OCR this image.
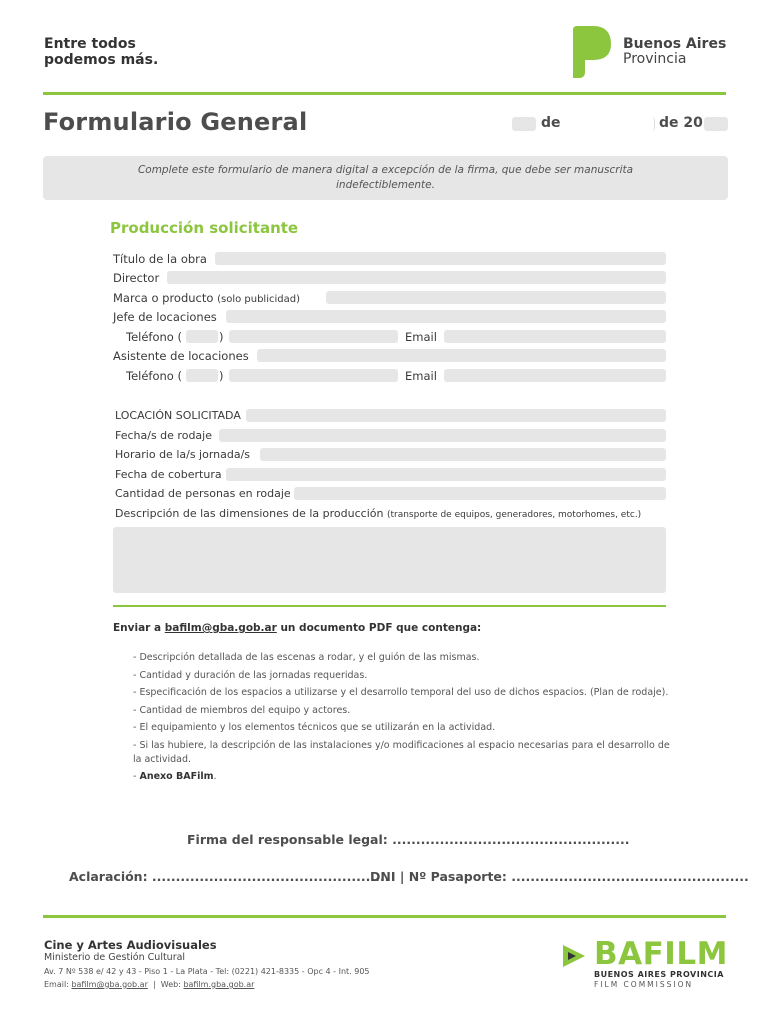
Entre todos
podemos más.
Buenos Aires
Provincia
Formulario General	de	de 20
Complete este formulario de manera digital a excepción de la firma, que debe ser manuscrita indefectiblemente.
Producción solicitante
Título de la obra
Director
Marca o producto (solo publicidad)
Jefe de locaciones
Teléfono (	)	Email
Asistente de locaciones
Teléfono (	)	Email
LOCACIÓN SOLICITADA
Fecha/s de rodaje
Horario de la/s jornada/s
Fecha de cobertura
Cantidad de personas en rodaje
Descripción de las dimensiones de la producción (transporte de equipos, generadores, motorhomes, etc.)
Enviar a bafilm@gba.gob.ar un documento PDF que contenga:
- Descripción detallada de las escenas a rodar, y el guión de las mismas.
- Cantidad y duración de las jornadas requeridas.
- Especificación de los espacios a utilizarse y el desarrollo temporal del uso de dichos espacios. (Plan de rodaje).
- Cantidad de miembros del equipo y actores.
- El equipamiento y los elementos técnicos que se utilizarán en la actividad.
- Si las hubiere, la descripción de las instalaciones y/o modificaciones al espacio necesarias para el desarrollo de la actividad.
- Anexo BAFilm.
Firma del responsable legal: ..................................................
Aclaración: ..................................................
DNI | Nº Pasaporte: ..................................................
Cine y Artes Audiovisuales
Ministerio de Gestión Cultural
Av. 7 Nº 538 e/ 42 y 43 - Piso 1 - La Plata - Tel: (0221) 421-8335 - Opc 4 - Int. 905
Email: bafilm@gba.gob.ar | Web: bafilm.gba.gob.ar
BAFILM
BUENOS AIRES PROVINCIA
FILM COMMISSION
